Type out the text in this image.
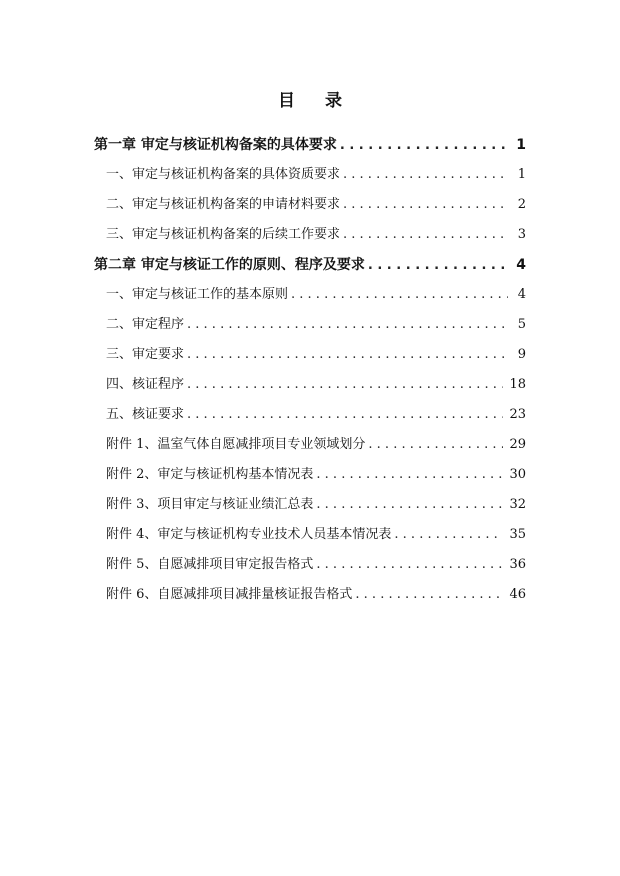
目 录
第一章 审定与核证机构备案的具体要求 . . .	1
一、审定与核证机构备案的具体资质要求 . . .	1
二、审定与核证机构备案的申请材料要求 . . .	2
三、审定与核证机构备案的后续工作要求 . . .	3
第二章 审定与核证工作的原则、程序及要求 . . .	4
一、审定与核证工作的基本原则 . . .	4
二、审定程序 . . .	5
三、审定要求 . . .	9
四、核证程序 . . .	18
五、核证要求 . . .	23
附件 1、温室气体自愿减排项目专业领域划分 . . .	29
附件 2、审定与核证机构基本情况表 . . .	30
附件 3、项目审定与核证业绩汇总表 . . .	32
附件 4、审定与核证机构专业技术人员基本情况表 . . .	35
附件 5、自愿减排项目审定报告格式 . . .	36
附件 6、自愿减排项目减排量核证报告格式 . . .	46
